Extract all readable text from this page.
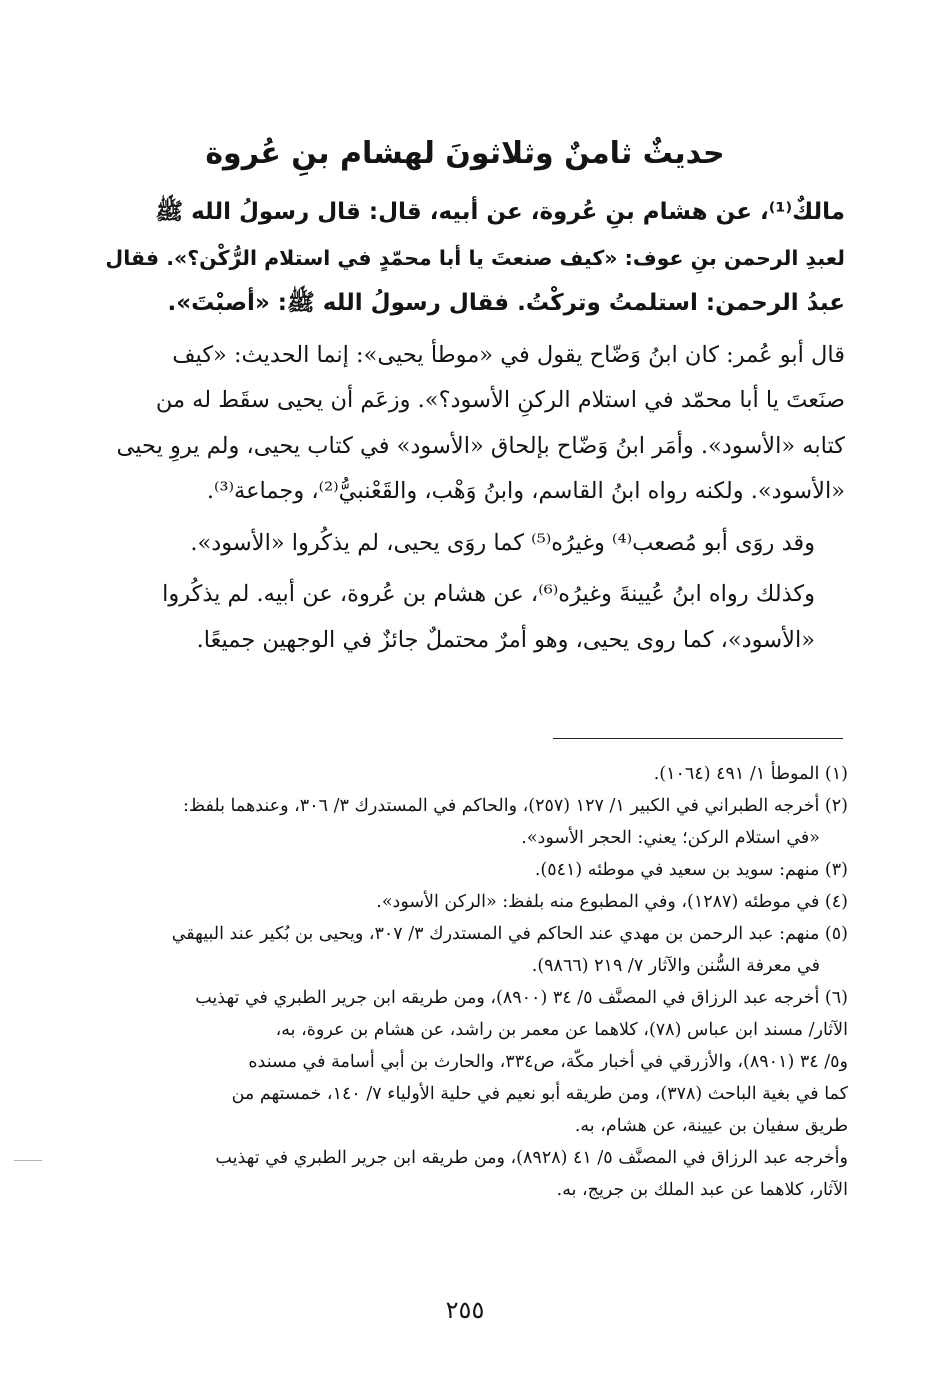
حديثٌ ثامنٌ وثلاثونَ لهشام بنِ عُروة

مالكٌ⁽¹⁾، عن هشام بنِ عُروة، عن أبيه، قال: قال رسولُ الله ﷺ
لعبدِ الرحمن بنِ عوف: «كيف صنعتَ يا أبا محمّدٍ في استلام الرُّكْن؟». فقال
عبدُ الرحمن: استلمتُ وتركْتُ. فقال رسولُ الله ﷺ: «أصبْتَ».

قال أبو عُمر: كان ابنُ وَضّاح يقول في «موطأ يحيى»: إنما الحديث: «كيف
صنَعتَ يا أبا محمّد في استلام الركنِ الأسود؟». وزعَم أن يحيى سقَط له من
كتابه «الأسود». وأمَر ابنُ وَضّاح بإلحاق «الأسود» في كتاب يحيى، ولم يروِ يحيى
«الأسود». ولكنه رواه ابنُ القاسم، وابنُ وَهْب، والقَعْنبيُّ⁽²⁾، وجماعة⁽³⁾.

وقد روَى أبو مُصعب⁽⁴⁾ وغيرُه⁽⁵⁾ كما روَى يحيى، لم يذكُروا «الأسود».

وكذلك رواه ابنُ عُيينةَ وغيرُه⁽⁶⁾، عن هشام بن عُروة، عن أبيه. لم يذكُروا
«الأسود»، كما روى يحيى، وهو أمرٌ محتملٌ جائزٌ في الوجهين جميعًا.

(١) الموطأ ١/ ٤٩١ (١٠٦٤).

(٢) أخرجه الطبراني في الكبير ١/ ١٢٧ (٢٥٧)، والحاكم في المستدرك ٣/ ٣٠٦، وعندهما بلفظ:
«في استلام الركن؛ يعني: الحجر الأسود».

(٣) منهم: سويد بن سعيد في موطئه (٥٤١).

(٤) في موطئه (١٢٨٧)، وفي المطبوع منه بلفظ: «الركن الأسود».

(٥) منهم: عبد الرحمن بن مهدي عند الحاكم في المستدرك ٣/ ٣٠٧، ويحيى بن بُكير عند البيهقي
في معرفة السُّنن والآثار ٧/ ٢١٩ (٩٨٦٦).

(٦) أخرجه عبد الرزاق في المصنَّف ٥/ ٣٤ (٨٩٠٠)، ومن طريقه ابن جرير الطبري في تهذيب
الآثار/ مسند ابن عباس (٧٨)، كلاهما عن معمر بن راشد، عن هشام بن عروة، به،
و٥/ ٣٤ (٨٩٠١)، والأزرقي في أخبار مكّة، ص٣٣٤، والحارث بن أبي أسامة في مسنده
كما في بغية الباحث (٣٧٨)، ومن طريقه أبو نعيم في حلية الأولياء ٧/ ١٤٠، خمستهم من
طريق سفيان بن عيينة، عن هشام، به.
وأخرجه عبد الرزاق في المصنَّف ٥/ ٤١ (٨٩٢٨)، ومن طريقه ابن جرير الطبري في تهذيب
الآثار، كلاهما عن عبد الملك بن جريج، به.

٢٥٥
